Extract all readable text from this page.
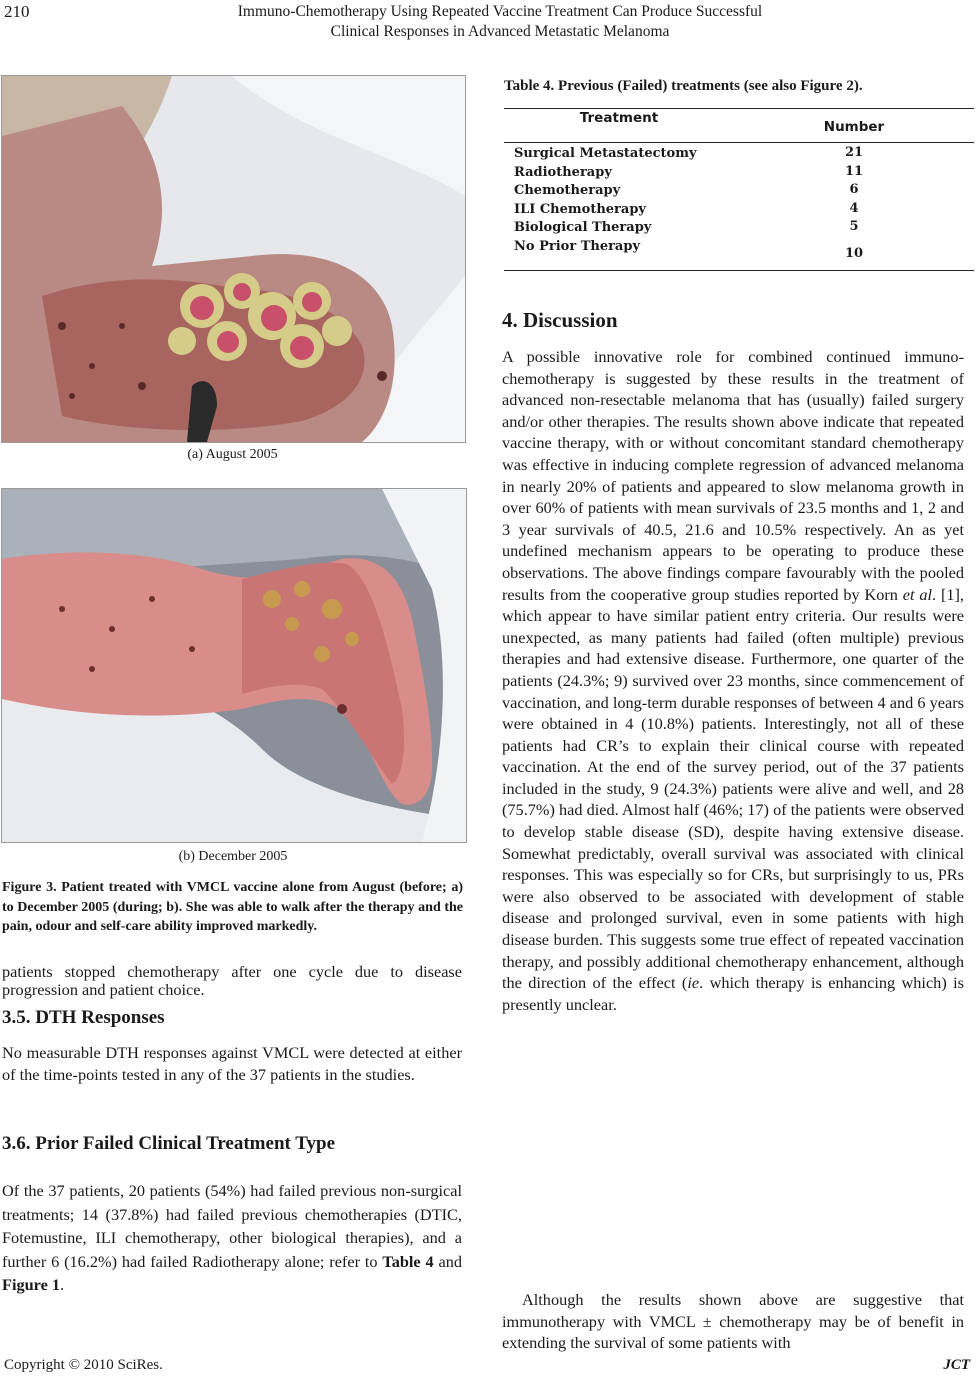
210	Immuno-Chemotherapy Using Repeated Vaccine Treatment Can Produce Successful
Clinical Responses in Advanced Metastatic Melanoma
(a) August 2005
(b) December 2005
Figure 3. Patient treated with VMCL vaccine alone from August (before; a) to December 2005 (during; b). She was able to walk after the therapy and the pain, odour and self-care ability improved markedly.
patients stopped chemotherapy after one cycle due to disease progression and patient choice.
3.5. DTH Responses
No measurable DTH responses against VMCL were detected at either of the time-points tested in any of the 37 patients in the studies.
3.6. Prior Failed Clinical Treatment Type
Of the 37 patients, 20 patients (54%) had failed previous non-surgical treatments; 14 (37.8%) had failed previous chemotherapies (DTIC, Fotemustine, ILI chemotherapy, other biological therapies), and a further 6 (16.2%) had failed Radiotherapy alone; refer to Table 4 and Figure 1.
Table 4. Previous (Failed) treatments (see also Figure 2).
Treatment
Number
Surgical Metastatectomy	21
Radiotherapy	11
Chemotherapy	6
ILI Chemotherapy	4
Biological Therapy	5
No Prior Therapy	10
4. Discussion
A possible innovative role for combined continued immuno-chemotherapy is suggested by these results in the treatment of advanced non-resectable melanoma that has (usually) failed surgery and/or other therapies. The results shown above indicate that repeated vaccine therapy, with or without concomitant standard chemotherapy was effective in inducing complete regression of advanced melanoma in nearly 20% of patients and appeared to slow melanoma growth in over 60% of patients with mean survivals of 23.5 months and 1, 2 and 3 year survivals of 40.5, 21.6 and 10.5% respectively. An as yet undefined mechanism appears to be operating to produce these observations. The above findings compare favourably with the pooled results from the cooperative group studies reported by Korn et al. [1], which appear to have similar patient entry criteria. Our results were unexpected, as many patients had failed (often multiple) previous therapies and had extensive disease. Furthermore, one quarter of the patients (24.3%; 9) survived over 23 months, since commencement of vaccination, and long-term durable responses of between 4 and 6 years were obtained in 4 (10.8%) patients. Interestingly, not all of these patients had CR’s to explain their clinical course with repeated vaccination. At the end of the survey period, out of the 37 patients included in the study, 9 (24.3%) patients were alive and well, and 28 (75.7%) had died. Almost half (46%; 17) of the patients were observed to develop stable disease (SD), despite having extensive disease. Somewhat predictably, overall survival was associated with clinical responses. This was especially so for CRs, but surprisingly to us, PRs were also observed to be associated with development of stable disease and prolonged survival, even in some patients with high disease burden. This suggests some true effect of repeated vaccination therapy, and possibly additional chemotherapy enhancement, although the direction of the effect (ie. which therapy is enhancing which) is presently unclear.
Although the results shown above are suggestive that immunotherapy with VMCL ± chemotherapy may be of benefit in extending the survival of some patients with
Copyright © 2010 SciRes.	JCT
